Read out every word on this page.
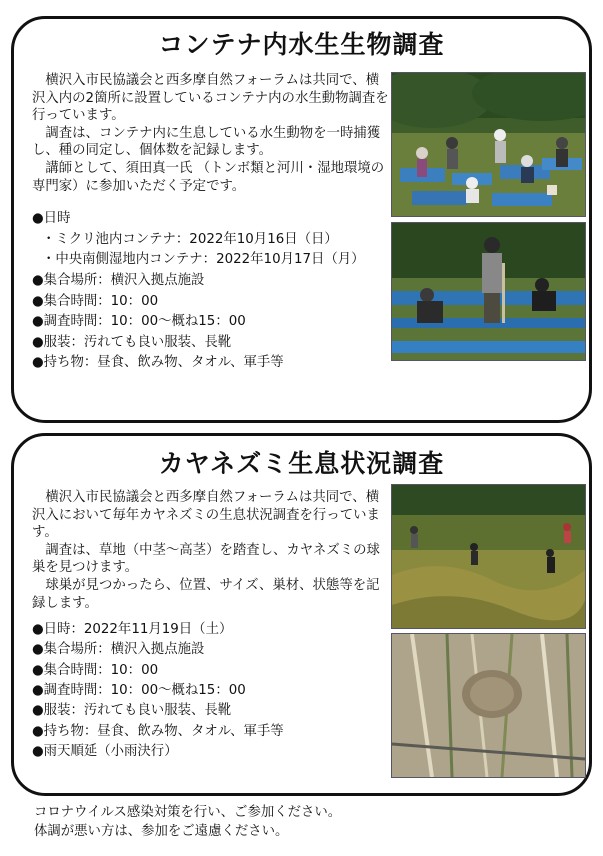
コンテナ内水生生物調査

横沢入市民協議会と西多摩自然フォーラムは共同で、横沢入内の2箇所に設置しているコンテナ内の水生動物調査を行っています。

調査は、コンテナ内に生息している水生動物を一時捕獲し、種の同定し、個体数を記録します。

講師として、須田真一氏 （トンボ類と河川・湿地環境の専門家）に参加いただく予定です。

●日時
・ミクリ池内コンテナ：2022年10月16日（日）
・中央南側湿地内コンテナ：2022年10月17日（月）
●集合場所：横沢入拠点施設
●集合時間：10：00
●調査時間：10：00～概ね15：00
●服装：汚れても良い服装、長靴
●持ち物：昼食、飲み物、タオル、軍手等
カヤネズミ生息状況調査

横沢入市民協議会と西多摩自然フォーラムは共同で、横沢入において毎年カヤネズミの生息状況調査を行っています。

調査は、草地（中茎～高茎）を踏査し、カヤネズミの球巣を見つけます。

球巣が見つかったら、位置、サイズ、巣材、状態等を記録します。

●日時：2022年11月19日（土）
●集合場所：横沢入拠点施設
●集合時間：10：00
●調査時間：10：00～概ね15：00
●服装：汚れても良い服装、長靴
●持ち物：昼食、飲み物、タオル、軍手等
●雨天順延（小雨決行）
コロナウイルス感染対策を行い、ご参加ください。
体調が悪い方は、参加をご遠慮ください。
